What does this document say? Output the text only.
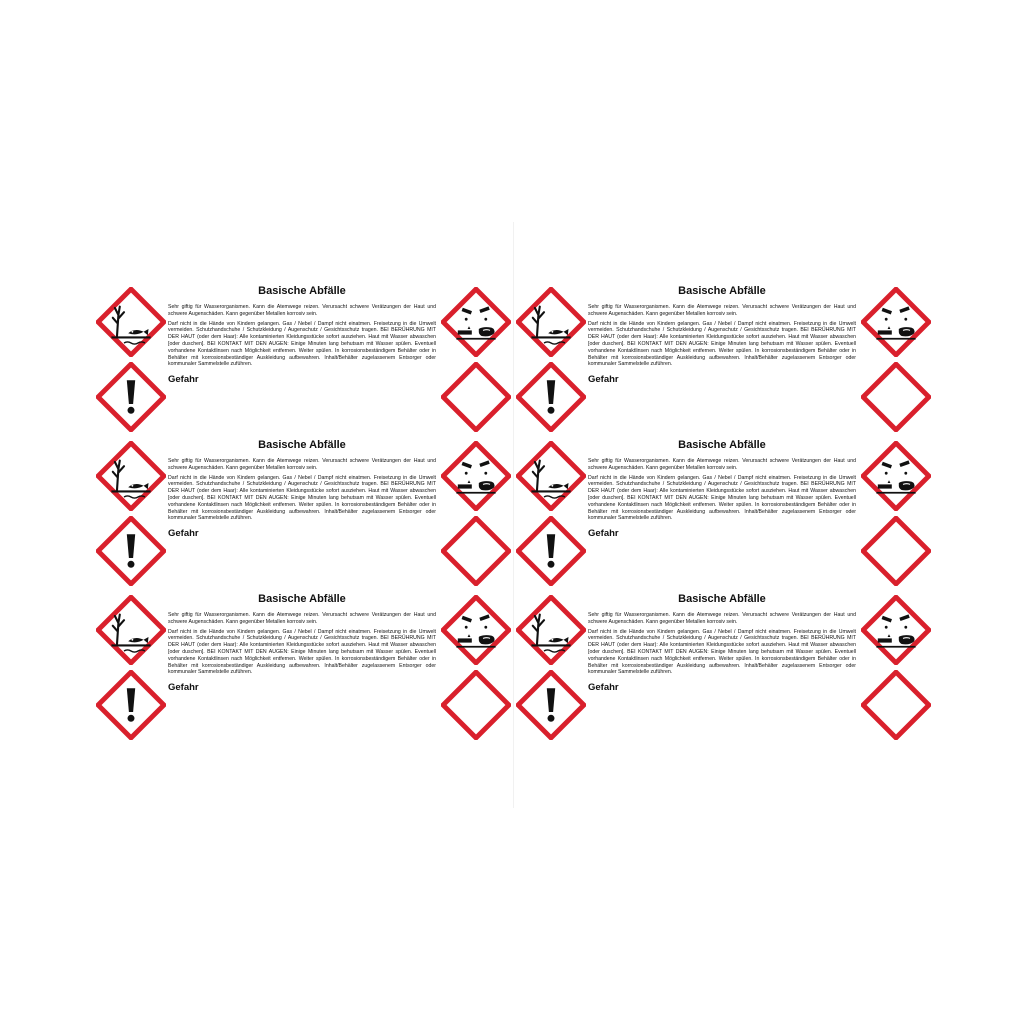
Basische Abfälle
Sehr giftig für Wasserorganismen. Kann die Atemwege reizen. Verursacht schwere Verätzungen der Haut und schwere Augenschäden. Kann gegenüber Metallen korrosiv sein.
Darf nicht in die Hände von Kindern gelangen. Gas / Nebel / Dampf nicht einatmen. Freisetzung in die Umwelt vermeiden. Schutzhandschuhe / Schutzkleidung / Augenschutz / Gesichtsschutz tragen. BEI BERÜHRUNG MIT DER HAUT (oder dem Haar): Alle kontaminierten Kleidungsstücke sofort ausziehen. Haut mit Wasser abwaschen [oder duschen]. BEI KONTAKT MIT DEN AUGEN: Einige Minuten lang behutsam mit Wasser spülen. Eventuell vorhandene Kontaktlinsen nach Möglichkeit entfernen. Weiter spülen. In korrosionsbeständigem Behälter oder in Behälter mit korrosionsbeständiger Auskleidung aufbewahren. Inhalt/Behälter zugelassenem Entsorger oder kommunaler Sammelstelle zuführen.
Gefahr
Basische Abfälle
Sehr giftig für Wasserorganismen. Kann die Atemwege reizen. Verursacht schwere Verätzungen der Haut und schwere Augenschäden. Kann gegenüber Metallen korrosiv sein.
Darf nicht in die Hände von Kindern gelangen. Gas / Nebel / Dampf nicht einatmen. Freisetzung in die Umwelt vermeiden. Schutzhandschuhe / Schutzkleidung / Augenschutz / Gesichtsschutz tragen. BEI BERÜHRUNG MIT DER HAUT (oder dem Haar): Alle kontaminierten Kleidungsstücke sofort ausziehen. Haut mit Wasser abwaschen [oder duschen]. BEI KONTAKT MIT DEN AUGEN: Einige Minuten lang behutsam mit Wasser spülen. Eventuell vorhandene Kontaktlinsen nach Möglichkeit entfernen. Weiter spülen. In korrosionsbeständigem Behälter oder in Behälter mit korrosionsbeständiger Auskleidung aufbewahren. Inhalt/Behälter zugelassenem Entsorger oder kommunaler Sammelstelle zuführen.
Gefahr
Basische Abfälle
Sehr giftig für Wasserorganismen. Kann die Atemwege reizen. Verursacht schwere Verätzungen der Haut und schwere Augenschäden. Kann gegenüber Metallen korrosiv sein.
Darf nicht in die Hände von Kindern gelangen. Gas / Nebel / Dampf nicht einatmen. Freisetzung in die Umwelt vermeiden. Schutzhandschuhe / Schutzkleidung / Augenschutz / Gesichtsschutz tragen. BEI BERÜHRUNG MIT DER HAUT (oder dem Haar): Alle kontaminierten Kleidungsstücke sofort ausziehen. Haut mit Wasser abwaschen [oder duschen]. BEI KONTAKT MIT DEN AUGEN: Einige Minuten lang behutsam mit Wasser spülen. Eventuell vorhandene Kontaktlinsen nach Möglichkeit entfernen. Weiter spülen. In korrosionsbeständigem Behälter oder in Behälter mit korrosionsbeständiger Auskleidung aufbewahren. Inhalt/Behälter zugelassenem Entsorger oder kommunaler Sammelstelle zuführen.
Gefahr
Basische Abfälle
Sehr giftig für Wasserorganismen. Kann die Atemwege reizen. Verursacht schwere Verätzungen der Haut und schwere Augenschäden. Kann gegenüber Metallen korrosiv sein.
Darf nicht in die Hände von Kindern gelangen. Gas / Nebel / Dampf nicht einatmen. Freisetzung in die Umwelt vermeiden. Schutzhandschuhe / Schutzkleidung / Augenschutz / Gesichtsschutz tragen. BEI BERÜHRUNG MIT DER HAUT (oder dem Haar): Alle kontaminierten Kleidungsstücke sofort ausziehen. Haut mit Wasser abwaschen [oder duschen]. BEI KONTAKT MIT DEN AUGEN: Einige Minuten lang behutsam mit Wasser spülen. Eventuell vorhandene Kontaktlinsen nach Möglichkeit entfernen. Weiter spülen. In korrosionsbeständigem Behälter oder in Behälter mit korrosionsbeständiger Auskleidung aufbewahren. Inhalt/Behälter zugelassenem Entsorger oder kommunaler Sammelstelle zuführen.
Gefahr
Basische Abfälle
Sehr giftig für Wasserorganismen. Kann die Atemwege reizen. Verursacht schwere Verätzungen der Haut und schwere Augenschäden. Kann gegenüber Metallen korrosiv sein.
Darf nicht in die Hände von Kindern gelangen. Gas / Nebel / Dampf nicht einatmen. Freisetzung in die Umwelt vermeiden. Schutzhandschuhe / Schutzkleidung / Augenschutz / Gesichtsschutz tragen. BEI BERÜHRUNG MIT DER HAUT (oder dem Haar): Alle kontaminierten Kleidungsstücke sofort ausziehen. Haut mit Wasser abwaschen [oder duschen]. BEI KONTAKT MIT DEN AUGEN: Einige Minuten lang behutsam mit Wasser spülen. Eventuell vorhandene Kontaktlinsen nach Möglichkeit entfernen. Weiter spülen. In korrosionsbeständigem Behälter oder in Behälter mit korrosionsbeständiger Auskleidung aufbewahren. Inhalt/Behälter zugelassenem Entsorger oder kommunaler Sammelstelle zuführen.
Gefahr
Basische Abfälle
Sehr giftig für Wasserorganismen. Kann die Atemwege reizen. Verursacht schwere Verätzungen der Haut und schwere Augenschäden. Kann gegenüber Metallen korrosiv sein.
Darf nicht in die Hände von Kindern gelangen. Gas / Nebel / Dampf nicht einatmen. Freisetzung in die Umwelt vermeiden. Schutzhandschuhe / Schutzkleidung / Augenschutz / Gesichtsschutz tragen. BEI BERÜHRUNG MIT DER HAUT (oder dem Haar): Alle kontaminierten Kleidungsstücke sofort ausziehen. Haut mit Wasser abwaschen [oder duschen]. BEI KONTAKT MIT DEN AUGEN: Einige Minuten lang behutsam mit Wasser spülen. Eventuell vorhandene Kontaktlinsen nach Möglichkeit entfernen. Weiter spülen. In korrosionsbeständigem Behälter oder in Behälter mit korrosionsbeständiger Auskleidung aufbewahren. Inhalt/Behälter zugelassenem Entsorger oder kommunaler Sammelstelle zuführen.
Gefahr
